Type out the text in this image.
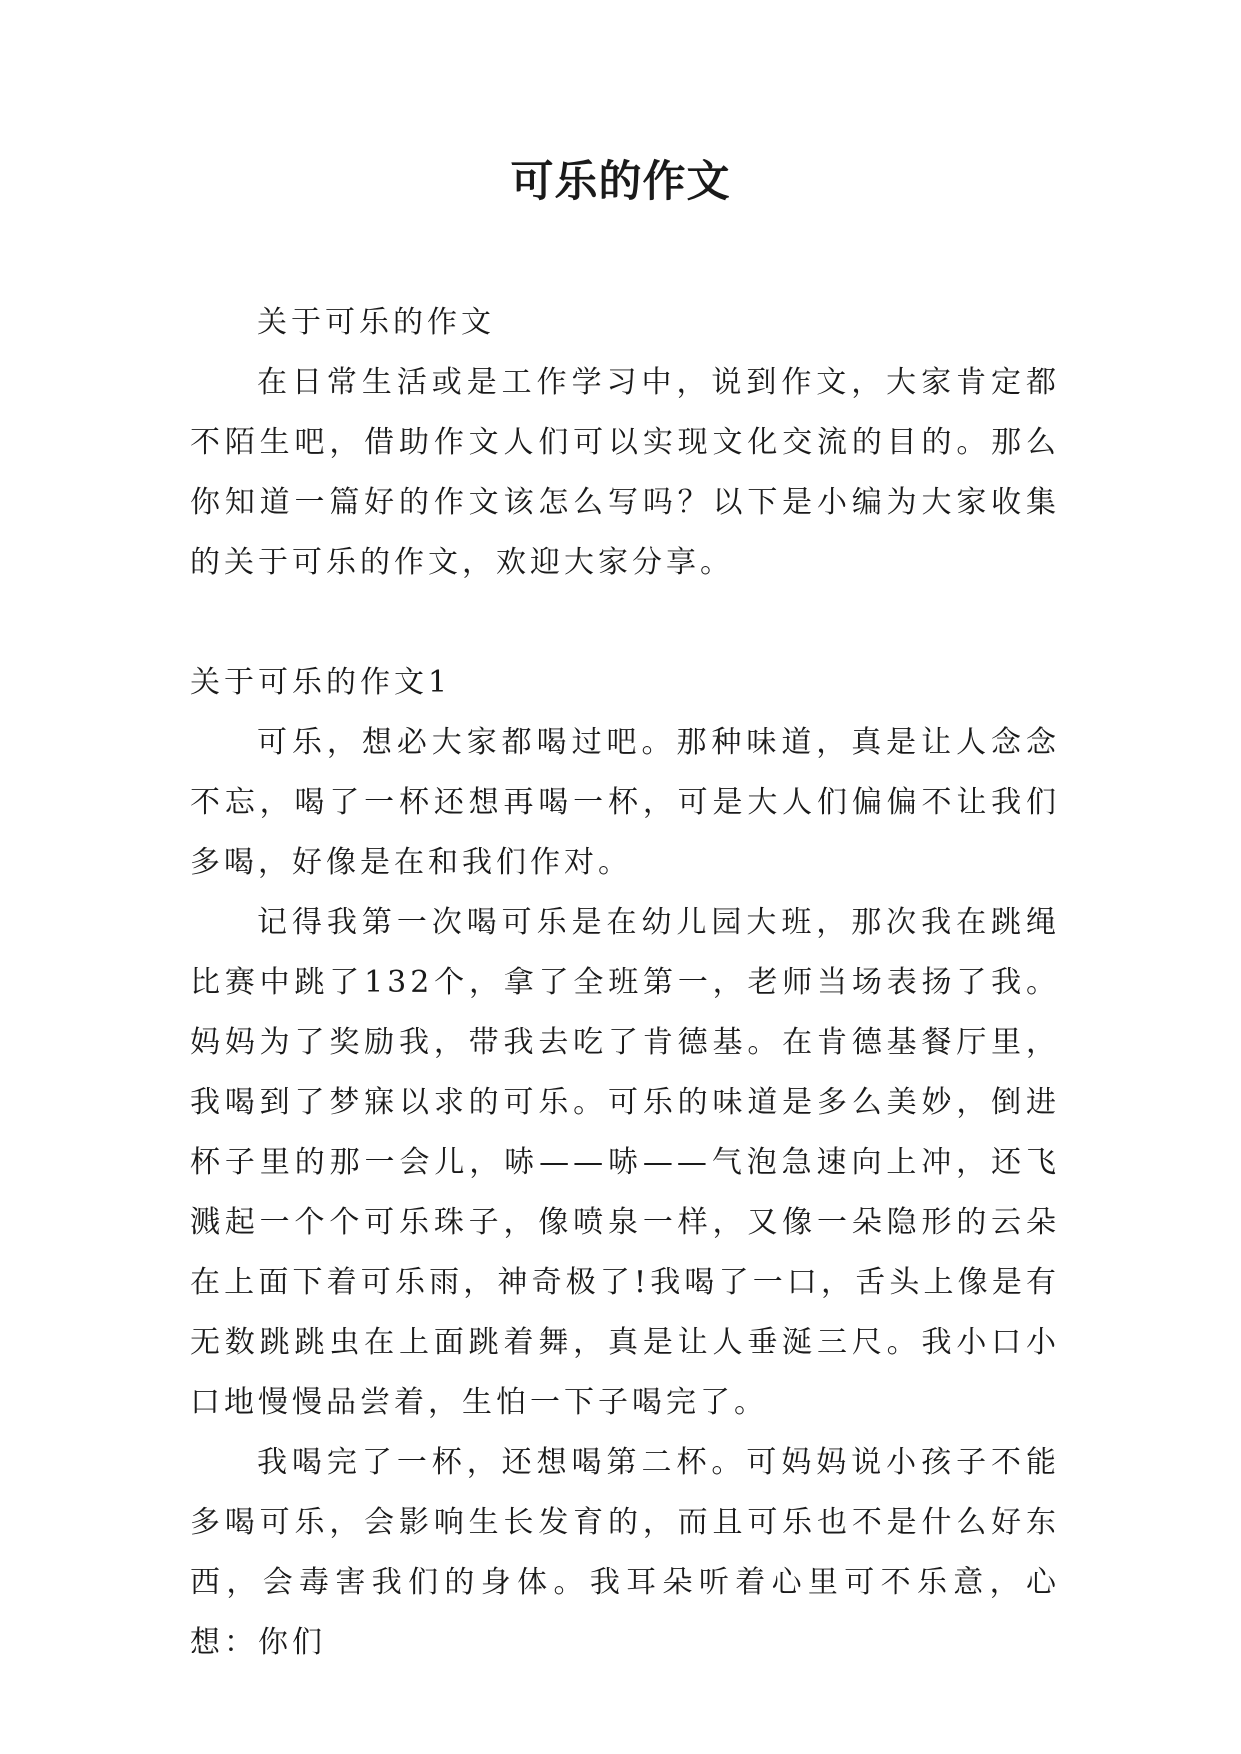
可乐的作文

关于可乐的作文

在日常生活或是工作学习中，说到作文，大家肯定都不陌生吧，借助作文人们可以实现文化交流的目的。那么你知道一篇好的作文该怎么写吗？以下是小编为大家收集的关于可乐的作文，欢迎大家分享。

关于可乐的作文1

可乐，想必大家都喝过吧。那种味道，真是让人念念不忘，喝了一杯还想再喝一杯，可是大人们偏偏不让我们多喝，好像是在和我们作对。

记得我第一次喝可乐是在幼儿园大班，那次我在跳绳比赛中跳了132个，拿了全班第一，老师当场表扬了我。妈妈为了奖励我，带我去吃了肯德基。在肯德基餐厅里，我喝到了梦寐以求的可乐。可乐的味道是多么美妙，倒进杯子里的那一会儿，哧——哧——气泡急速向上冲，还飞溅起一个个可乐珠子，像喷泉一样，又像一朵隐形的云朵在上面下着可乐雨，神奇极了!我喝了一口，舌头上像是有无数跳跳虫在上面跳着舞，真是让人垂涎三尺。我小口小口地慢慢品尝着，生怕一下子喝完了。

我喝完了一杯，还想喝第二杯。可妈妈说小孩子不能多喝可乐，会影响生长发育的，而且可乐也不是什么好东西，会毒害我们的身体。我耳朵听着心里可不乐意，心想：你们
